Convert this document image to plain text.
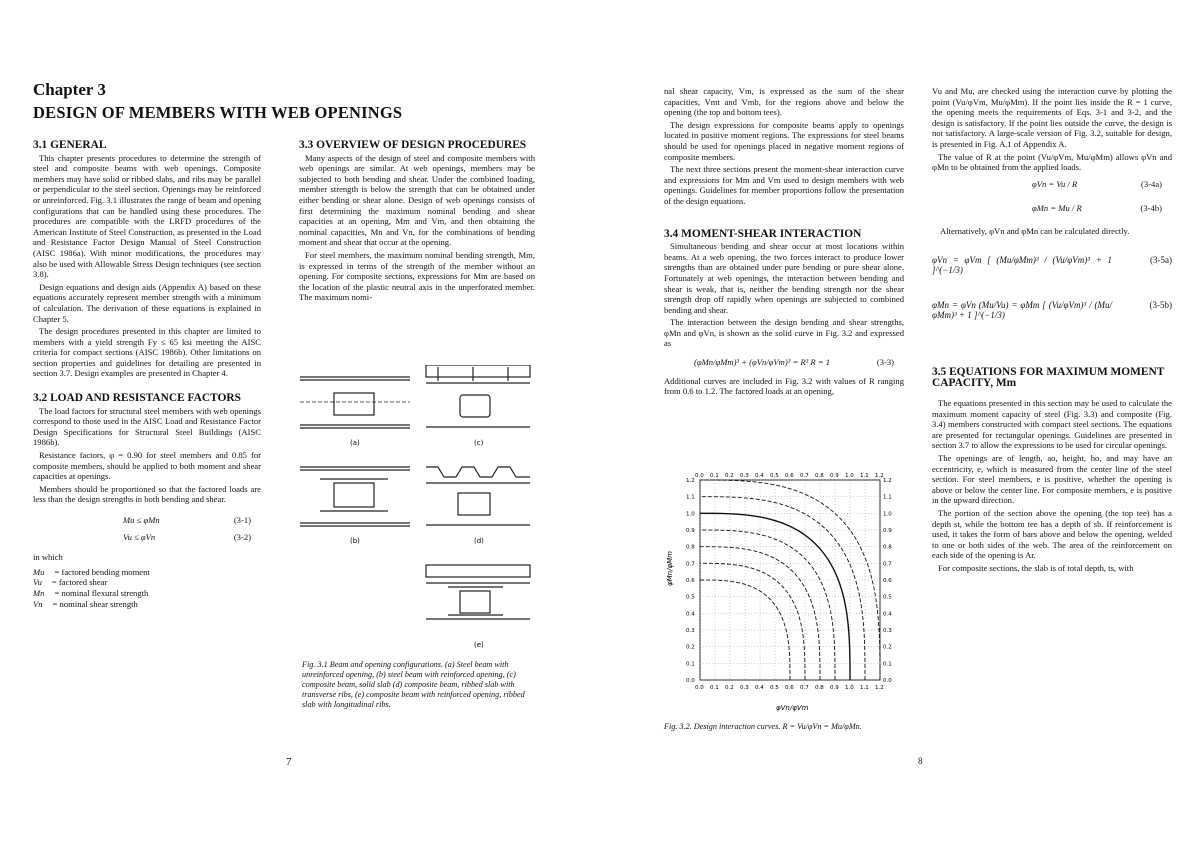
Chapter 3
DESIGN OF MEMBERS WITH WEB OPENINGS

3.1 GENERAL

This chapter presents procedures to determine the strength of steel and composite beams with web openings. Composite members may have solid or ribbed slabs, and ribs may be parallel or perpendicular to the steel section. Openings may be reinforced or unreinforced. Fig. 3.1 illustrates the range of beam and opening configurations that can be handled using these procedures. The procedures are compatible with the LRFD procedures of the American Institute of Steel Construction, as presented in the Load and Resistance Factor Design Manual of Steel Construction (AISC 1986a). With minor modifications, the procedures may also be used with Allowable Stress Design techniques (see section 3.8).

Design equations and design aids (Appendix A) based on these equations accurately represent member strength with a minimum of calculation. The derivation of these equations is explained in Chapter 5.

The design procedures presented in this chapter are limited to members with a yield strength Fy ≤ 65 ksi meeting the AISC criteria for compact sections (AISC 1986b). Other limitations on section properties and guidelines for detailing are presented in section 3.7. Design examples are presented in Chapter 4.

3.2 LOAD AND RESISTANCE FACTORS

The load factors for structural steel members with web openings correspond to those used in the AISC Load and Resistance Factor Design Specifications for Structural Steel Buildings (AISC 1986b).

Resistance factors, φ = 0.90 for steel members and 0.85 for composite members, should be applied to both moment and shear capacities at openings.

Members should be proportioned so that the factored loads are less than the design strengths in both bending and shear.

Mu ≤ φMn	(3-1)
Vu ≤ φVn	(3-2)
in which
Mu = factored bending moment
Vu = factored shear
Mn = nominal flexural strength
Vn = nominal shear strength
7

3.3 OVERVIEW OF DESIGN PROCEDURES

Many aspects of the design of steel and composite members with web openings are similar. At web openings, members may be subjected to both bending and shear. Under the combined loading, member strength is below the strength that can be obtained under either bending or shear alone. Design of web openings consists of first determining the maximum nominal bending and shear capacities at an opening, Mm and Vm, and then obtaining the nominal capacities, Mn and Vn, for the combinations of bending moment and shear that occur at the opening.

For steel members, the maximum nominal bending strength, Mm, is expressed in terms of the strength of the member without an opening. For composite sections, expressions for Mm are based on the location of the plastic neutral axis in the unperforated member. The maximum nomi-

(a)	(c)
(b)	(d)
(e)
Fig. 3.1 Beam and opening configurations. (a) Steel beam with unreinforced opening, (b) steel beam with reinforced opening, (c) composite beam, solid slab (d) composite beam, ribbed slab with transverse ribs, (e) composite beam with reinforced opening, ribbed slab with longitudinal ribs.

nal shear capacity, Vm, is expressed as the sum of the shear capacities, Vmt and Vmb, for the regions above and below the opening (the top and bottom tees).

The design expressions for composite beams apply to openings located in positive moment regions. The expressions for steel beams should be used for openings placed in negative moment regions of composite members.

The next three sections present the moment-shear interaction curve and expressions for Mm and Vm used to design members with web openings. Guidelines for member proportions follow the presentation of the design equations.

3.4 MOMENT-SHEAR INTERACTION

Simultaneous bending and shear occur at most locations within beams. At a web opening, the two forces interact to produce lower strengths than are obtained under pure bending or pure shear alone. Fortunately at web openings, the interaction between bending and shear is weak, that is, neither the bending strength nor the shear strength drop off rapidly when openings are subjected to combined bending and shear.

The interaction between the design bending and shear strengths, φMn and φVn, is shown as the solid curve in Fig. 3.2 and expressed as

(φMn/φMm)³ + (φVn/φVm)³ = R³ R = 1	(3-3)

Additional curves are included in Fig. 3.2 with values of R ranging from 0.6 to 1.2. The factored loads at an opening,

0.0
0.0
0.1
0.1
0.2
0.2
0.3
0.3
0.4
0.4
0.5
0.5
0.6
0.6
0.7
0.7
0.8
0.8
0.9
0.9
1.0
1.0
1.1
1.1
1.2
1.2
0.0	0.0
0.1	0.1
0.2	0.2
0.3	0.3
0.4	0.4
0.5	0.5
0.6	0.6
0.7	0.7
0.8	0.8
0.9	0.9
1.0	1.0
1.1	1.1
1.2	1.2
φMn/φMm
φVn/φVm
Fig. 3.2. Design interaction curves. R = Vu/φVn = Mu/φMn.

Vu and Mu, are checked using the interaction curve by plotting the point (Vu/φVm, Mu/φMm). If the point lies inside the R = 1 curve, the opening meets the requirements of Eqs. 3-1 and 3-2, and the design is satisfactory. If the point lies outside the curve, the design is not satisfactory. A large-scale version of Fig. 3.2, suitable for design, is presented in Fig. A.1 of Appendix A.

The value of R at the point (Vu/φVm, Mu/φMm) allows φVn and φMn to be obtained from the applied loads.

φVn = Vu / R	(3-4a)
φMn = Mu / R	(3-4b)

Alternatively, φVn and φMn can be calculated directly.

φVn = φVm [ (Mu/φMm)³ / (Vu/φVm)³ + 1 ]^(−1/3)
(3-5a)
φMn = φVn (Mu/Vu) = φMm [ (Vu/φVm)³ / (Mu/φMm)³ + 1 ]^(−1/3)
(3-5b)

3.5 EQUATIONS FOR MAXIMUM MOMENT CAPACITY, Mm

The equations presented in this section may be used to calculate the maximum moment capacity of steel (Fig. 3.3) and composite (Fig. 3.4) members constructed with compact steel sections. The equations are presented for rectangular openings. Guidelines are presented in section 3.7 to allow the expressions to be used for circular openings.

The openings are of length, ao, height, ho, and may have an eccentricity, e, which is measured from the center line of the steel section. For steel members, e is positive, whether the opening is above or below the center line. For composite members, e is positive in the upward direction.

The portion of the section above the opening (the top tee) has a depth st, while the bottom tee has a depth of sb. If reinforcement is used, it takes the form of bars above and below the opening, welded to one or both sides of the web. The area of the reinforcement on each side of the opening is Ar.

For composite sections, the slab is of total depth, ts, with

8
